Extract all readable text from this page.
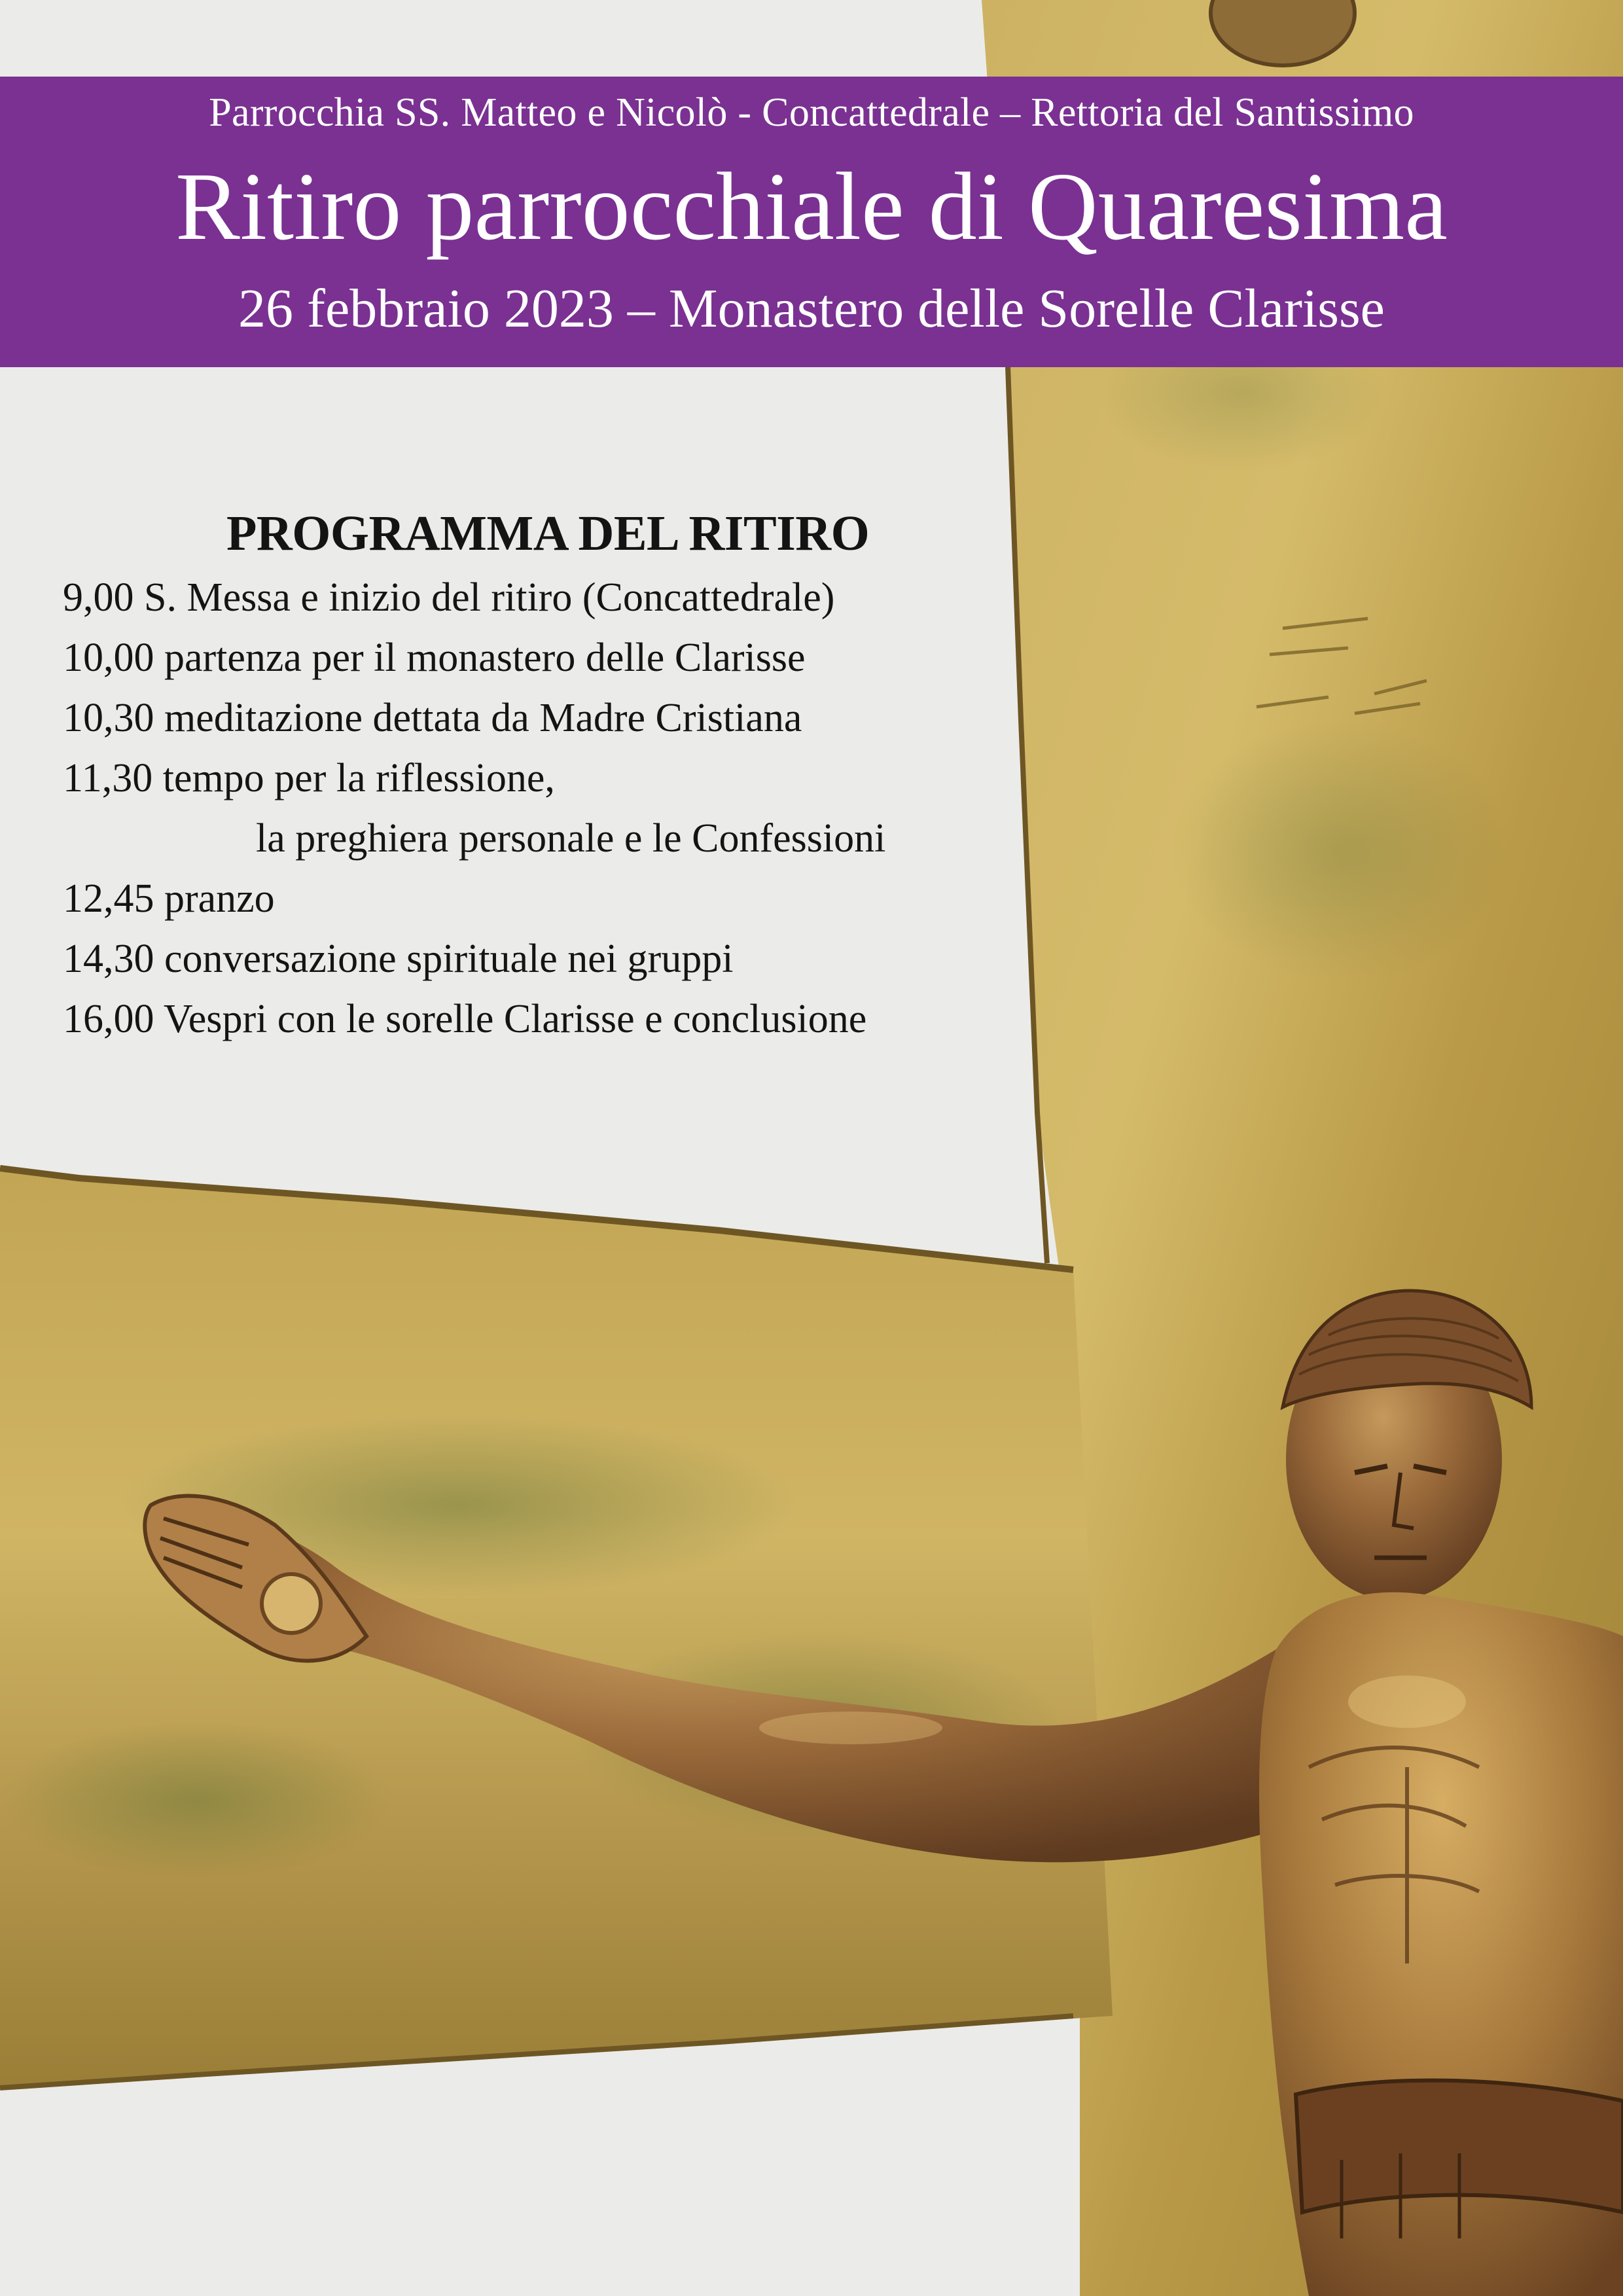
Parrocchia SS. Matteo e Nicolò - Concattedrale – Rettoria del Santissimo
Ritiro parrocchiale di Quaresima
26 febbraio 2023 – Monastero delle Sorelle Clarisse
PROGRAMMA DEL RITIRO
9,00 S. Messa e inizio del ritiro (Concattedrale)
10,00 partenza per il monastero delle Clarisse
10,30 meditazione dettata da Madre Cristiana
11,30 tempo per la riflessione,
la preghiera personale e le Confessioni
12,45 pranzo
14,30 conversazione spirituale nei gruppi
16,00 Vespri con le sorelle Clarisse e conclusione
